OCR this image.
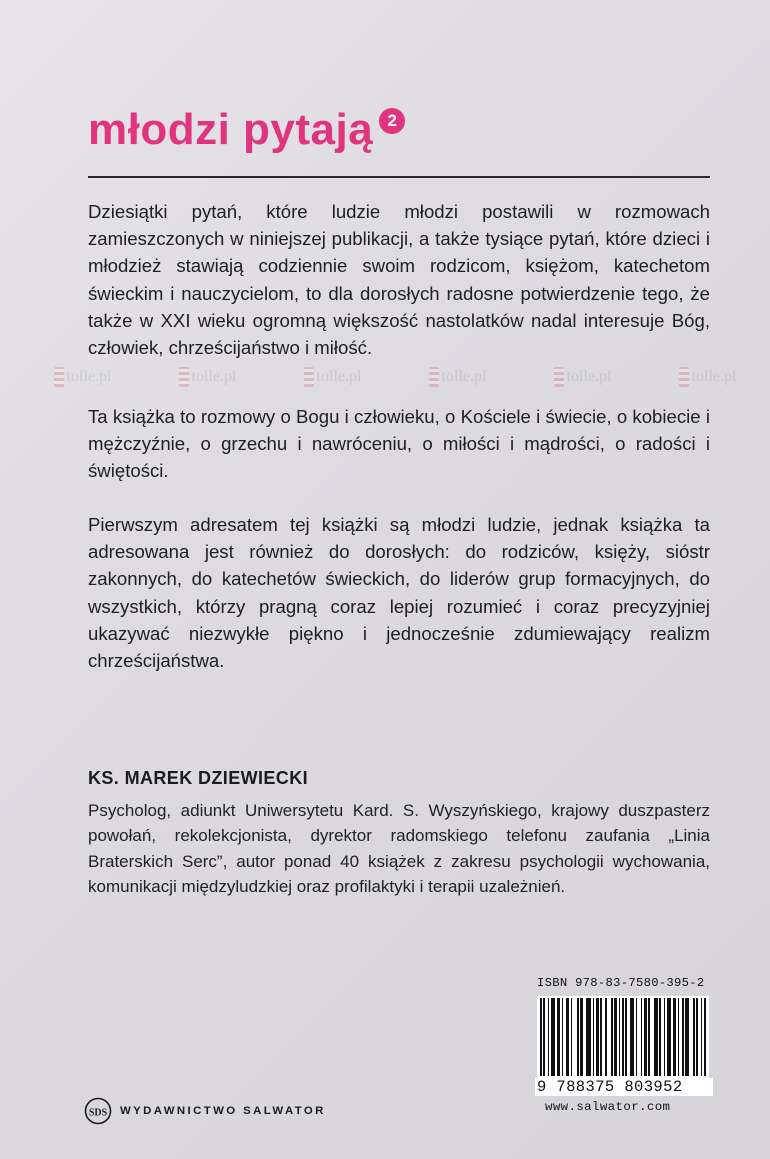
młodzi pytają 2

Dziesiątki pytań, które ludzie młodzi postawili w rozmowach zamieszczonych w niniejszej publikacji, a także tysiące pytań, które dzieci i młodzież stawiają codziennie swoim rodzicom, księżom, katechetom świeckim i nauczycielom, to dla dorosłych radosne potwierdzenie tego, że także w XXI wieku ogromną większość nastolatków nadal interesuje Bóg, człowiek, chrześcijaństwo i miłość.

tolle.pl	tolle.pl	tolle.pl	tolle.pl	tolle.pl	tolle.pl

Ta książka to rozmowy o Bogu i człowieku, o Kościele i świecie, o kobiecie i mężczyźnie, o grzechu i nawróceniu, o miłości i mądrości, o radości i świętości.

Pierwszym adresatem tej książki są młodzi ludzie, jednak książka ta adresowana jest również do dorosłych: do rodziców, księży, sióstr zakonnych, do katechetów świeckich, do liderów grup formacyjnych, do wszystkich, którzy pragną coraz lepiej rozumieć i coraz precyzyjniej ukazywać niezwykłe piękno i jednocześnie zdumiewający realizm chrześcijaństwa.

KS. MAREK DZIEWIECKI

Psycholog, adiunkt Uniwersytetu Kard. S. Wyszyńskiego, krajowy duszpasterz powołań, rekolekcjonista, dyrektor radomskiego telefonu zaufania „Linia Braterskich Serc”, autor ponad 40 książek z zakresu psychologii wychowania, komunikacji międzyludzkiej oraz profilaktyki i terapii uzależnień.

ISBN 978-83-7580-395-2
9 788375 803952
www.salwator.com
SDS WYDAWNICTWO SALWATOR
